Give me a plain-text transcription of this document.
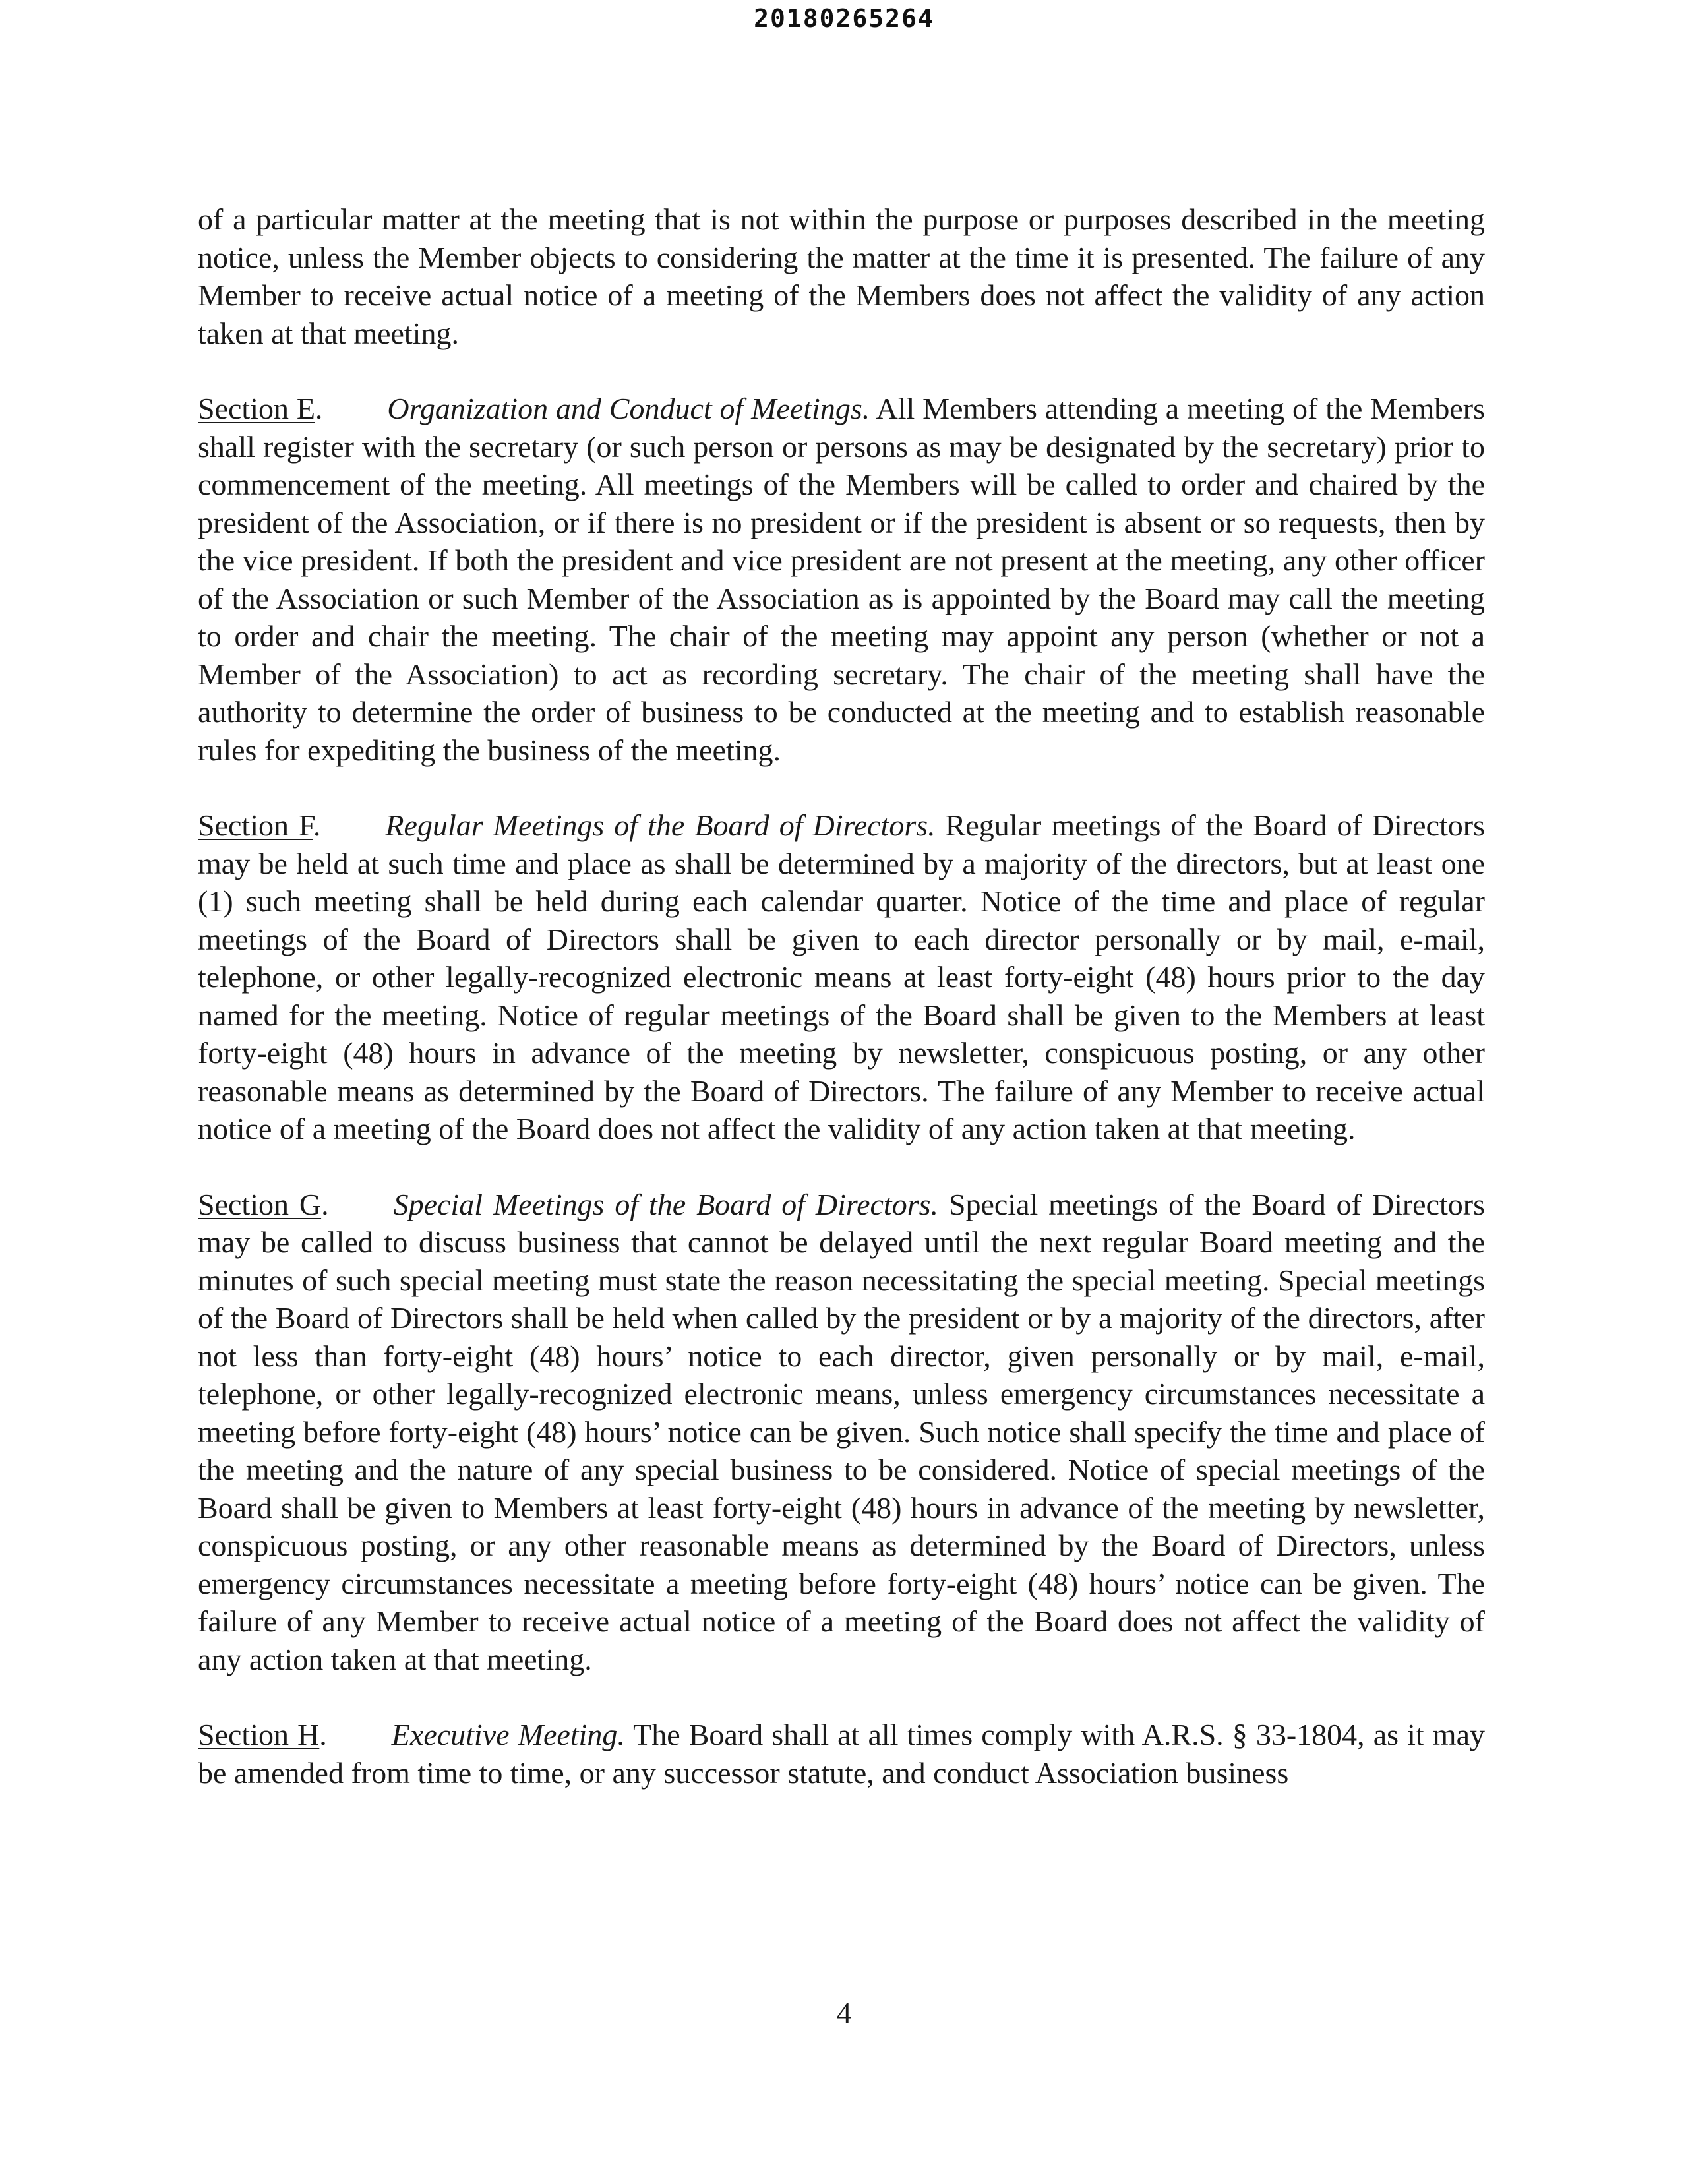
20180265264

of a particular matter at the meeting that is not within the purpose or purposes described in the meeting notice, unless the Member objects to considering the matter at the time it is presented. The failure of any Member to receive actual notice of a meeting of the Members does not affect the validity of any action taken at that meeting.

Section E. Organization and Conduct of Meetings. All Members attending a meeting of the Members shall register with the secretary (or such person or persons as may be designated by the secretary) prior to commencement of the meeting. All meetings of the Members will be called to order and chaired by the president of the Association, or if there is no president or if the president is absent or so requests, then by the vice president. If both the president and vice president are not present at the meeting, any other officer of the Association or such Member of the Association as is appointed by the Board may call the meeting to order and chair the meeting. The chair of the meeting may appoint any person (whether or not a Member of the Association) to act as recording secretary. The chair of the meeting shall have the authority to determine the order of business to be conducted at the meeting and to establish reasonable rules for expediting the business of the meeting.

Section F. Regular Meetings of the Board of Directors. Regular meetings of the Board of Directors may be held at such time and place as shall be determined by a majority of the directors, but at least one (1) such meeting shall be held during each calendar quarter. Notice of the time and place of regular meetings of the Board of Directors shall be given to each director personally or by mail, e-mail, telephone, or other legally-recognized electronic means at least forty-eight (48) hours prior to the day named for the meeting. Notice of regular meetings of the Board shall be given to the Members at least forty-eight (48) hours in advance of the meeting by newsletter, conspicuous posting, or any other reasonable means as determined by the Board of Directors. The failure of any Member to receive actual notice of a meeting of the Board does not affect the validity of any action taken at that meeting.

Section G. Special Meetings of the Board of Directors. Special meetings of the Board of Directors may be called to discuss business that cannot be delayed until the next regular Board meeting and the minutes of such special meeting must state the reason necessitating the special meeting. Special meetings of the Board of Directors shall be held when called by the president or by a majority of the directors, after not less than forty-eight (48) hours’ notice to each director, given personally or by mail, e-mail, telephone, or other legally-recognized electronic means, unless emergency circumstances necessitate a meeting before forty-eight (48) hours’ notice can be given. Such notice shall specify the time and place of the meeting and the nature of any special business to be considered. Notice of special meetings of the Board shall be given to Members at least forty-eight (48) hours in advance of the meeting by newsletter, conspicuous posting, or any other reasonable means as determined by the Board of Directors, unless emergency circumstances necessitate a meeting before forty-eight (48) hours’ notice can be given. The failure of any Member to receive actual notice of a meeting of the Board does not affect the validity of any action taken at that meeting.

Section H. Executive Meeting. The Board shall at all times comply with A.R.S. § 33-1804, as it may be amended from time to time, or any successor statute, and conduct Association business

4
